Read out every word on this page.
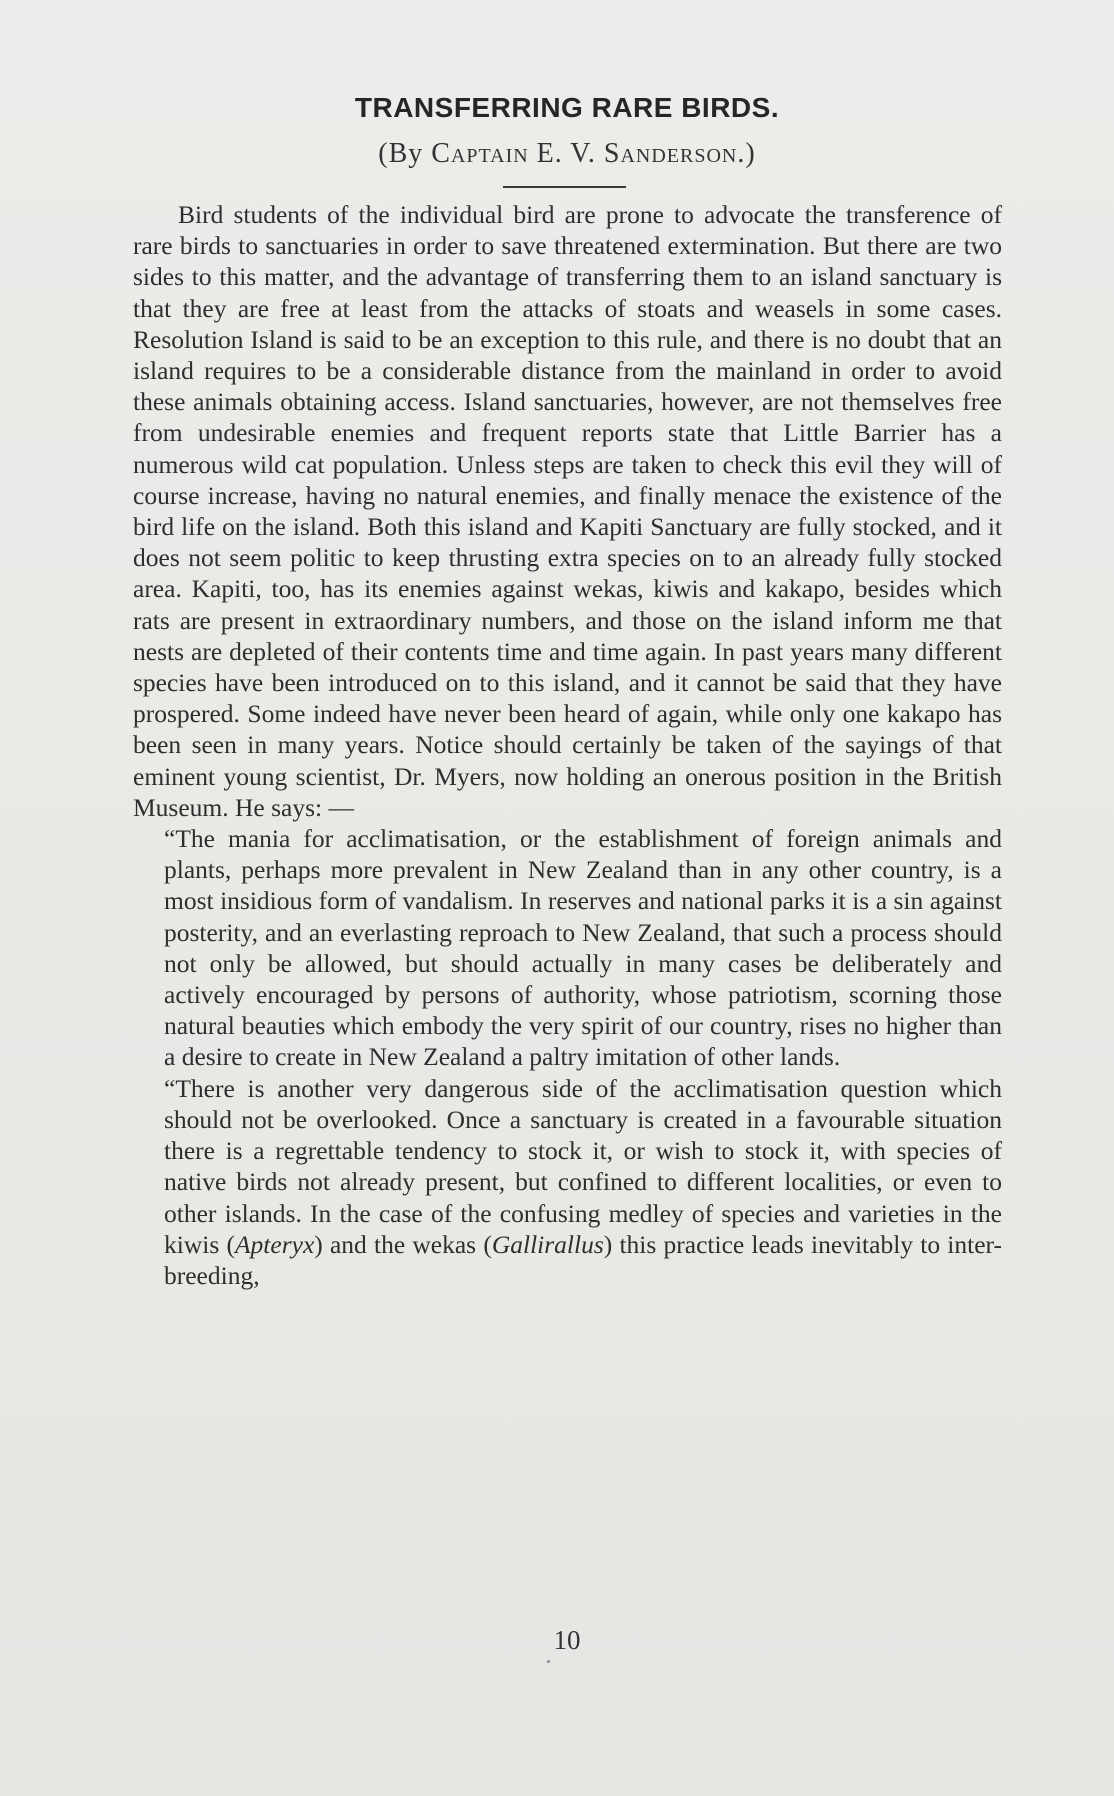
TRANSFERRING RARE BIRDS.
(By Captain E. V. Sanderson.)

Bird students of the individual bird are prone to advocate the transference of rare birds to sanctuaries in order to save threatened extermination. But there are two sides to this matter, and the advantage of transferring them to an island sanctuary is that they are free at least from the attacks of stoats and weasels in some cases. Resolution Island is said to be an exception to this rule, and there is no doubt that an island requires to be a considerable distance from the mainland in order to avoid these animals obtaining access. Island sanctuaries, however, are not themselves free from undesirable enemies and frequent reports state that Little Barrier has a numerous wild cat population. Unless steps are taken to check this evil they will of course increase, having no natural enemies, and finally menace the existence of the bird life on the island. Both this island and Kapiti Sanctuary are fully stocked, and it does not seem politic to keep thrusting extra species on to an already fully stocked area. Kapiti, too, has its enemies against wekas, kiwis and kakapo, besides which rats are present in extraordinary numbers, and those on the island inform me that nests are depleted of their contents time and time again. In past years many different species have been introduced on to this island, and it cannot be said that they have prospered. Some indeed have never been heard of again, while only one kakapo has been seen in many years. Notice should certainly be taken of the sayings of that eminent young scientist, Dr. Myers, now holding an onerous position in the British Museum. He says: —

“The mania for acclimatisation, or the establishment of foreign animals and plants, perhaps more prevalent in New Zealand than in any other country, is a most insidious form of vandalism. In reserves and national parks it is a sin against posterity, and an everlasting reproach to New Zealand, that such a process should not only be allowed, but should actually in many cases be deliberately and actively encouraged by persons of authority, whose patriotism, scorning those natural beauties which embody the very spirit of our country, rises no higher than a desire to create in New Zealand a paltry imitation of other lands.

“There is another very dangerous side of the acclimatisation question which should not be overlooked. Once a sanctuary is created in a favourable situation there is a regrettable tendency to stock it, or wish to stock it, with species of native birds not already present, but confined to different localities, or even to other islands. In the case of the confusing medley of species and varieties in the kiwis (Apteryx) and the wekas (Gallirallus) this practice leads inevitably to inter-breeding,

10
